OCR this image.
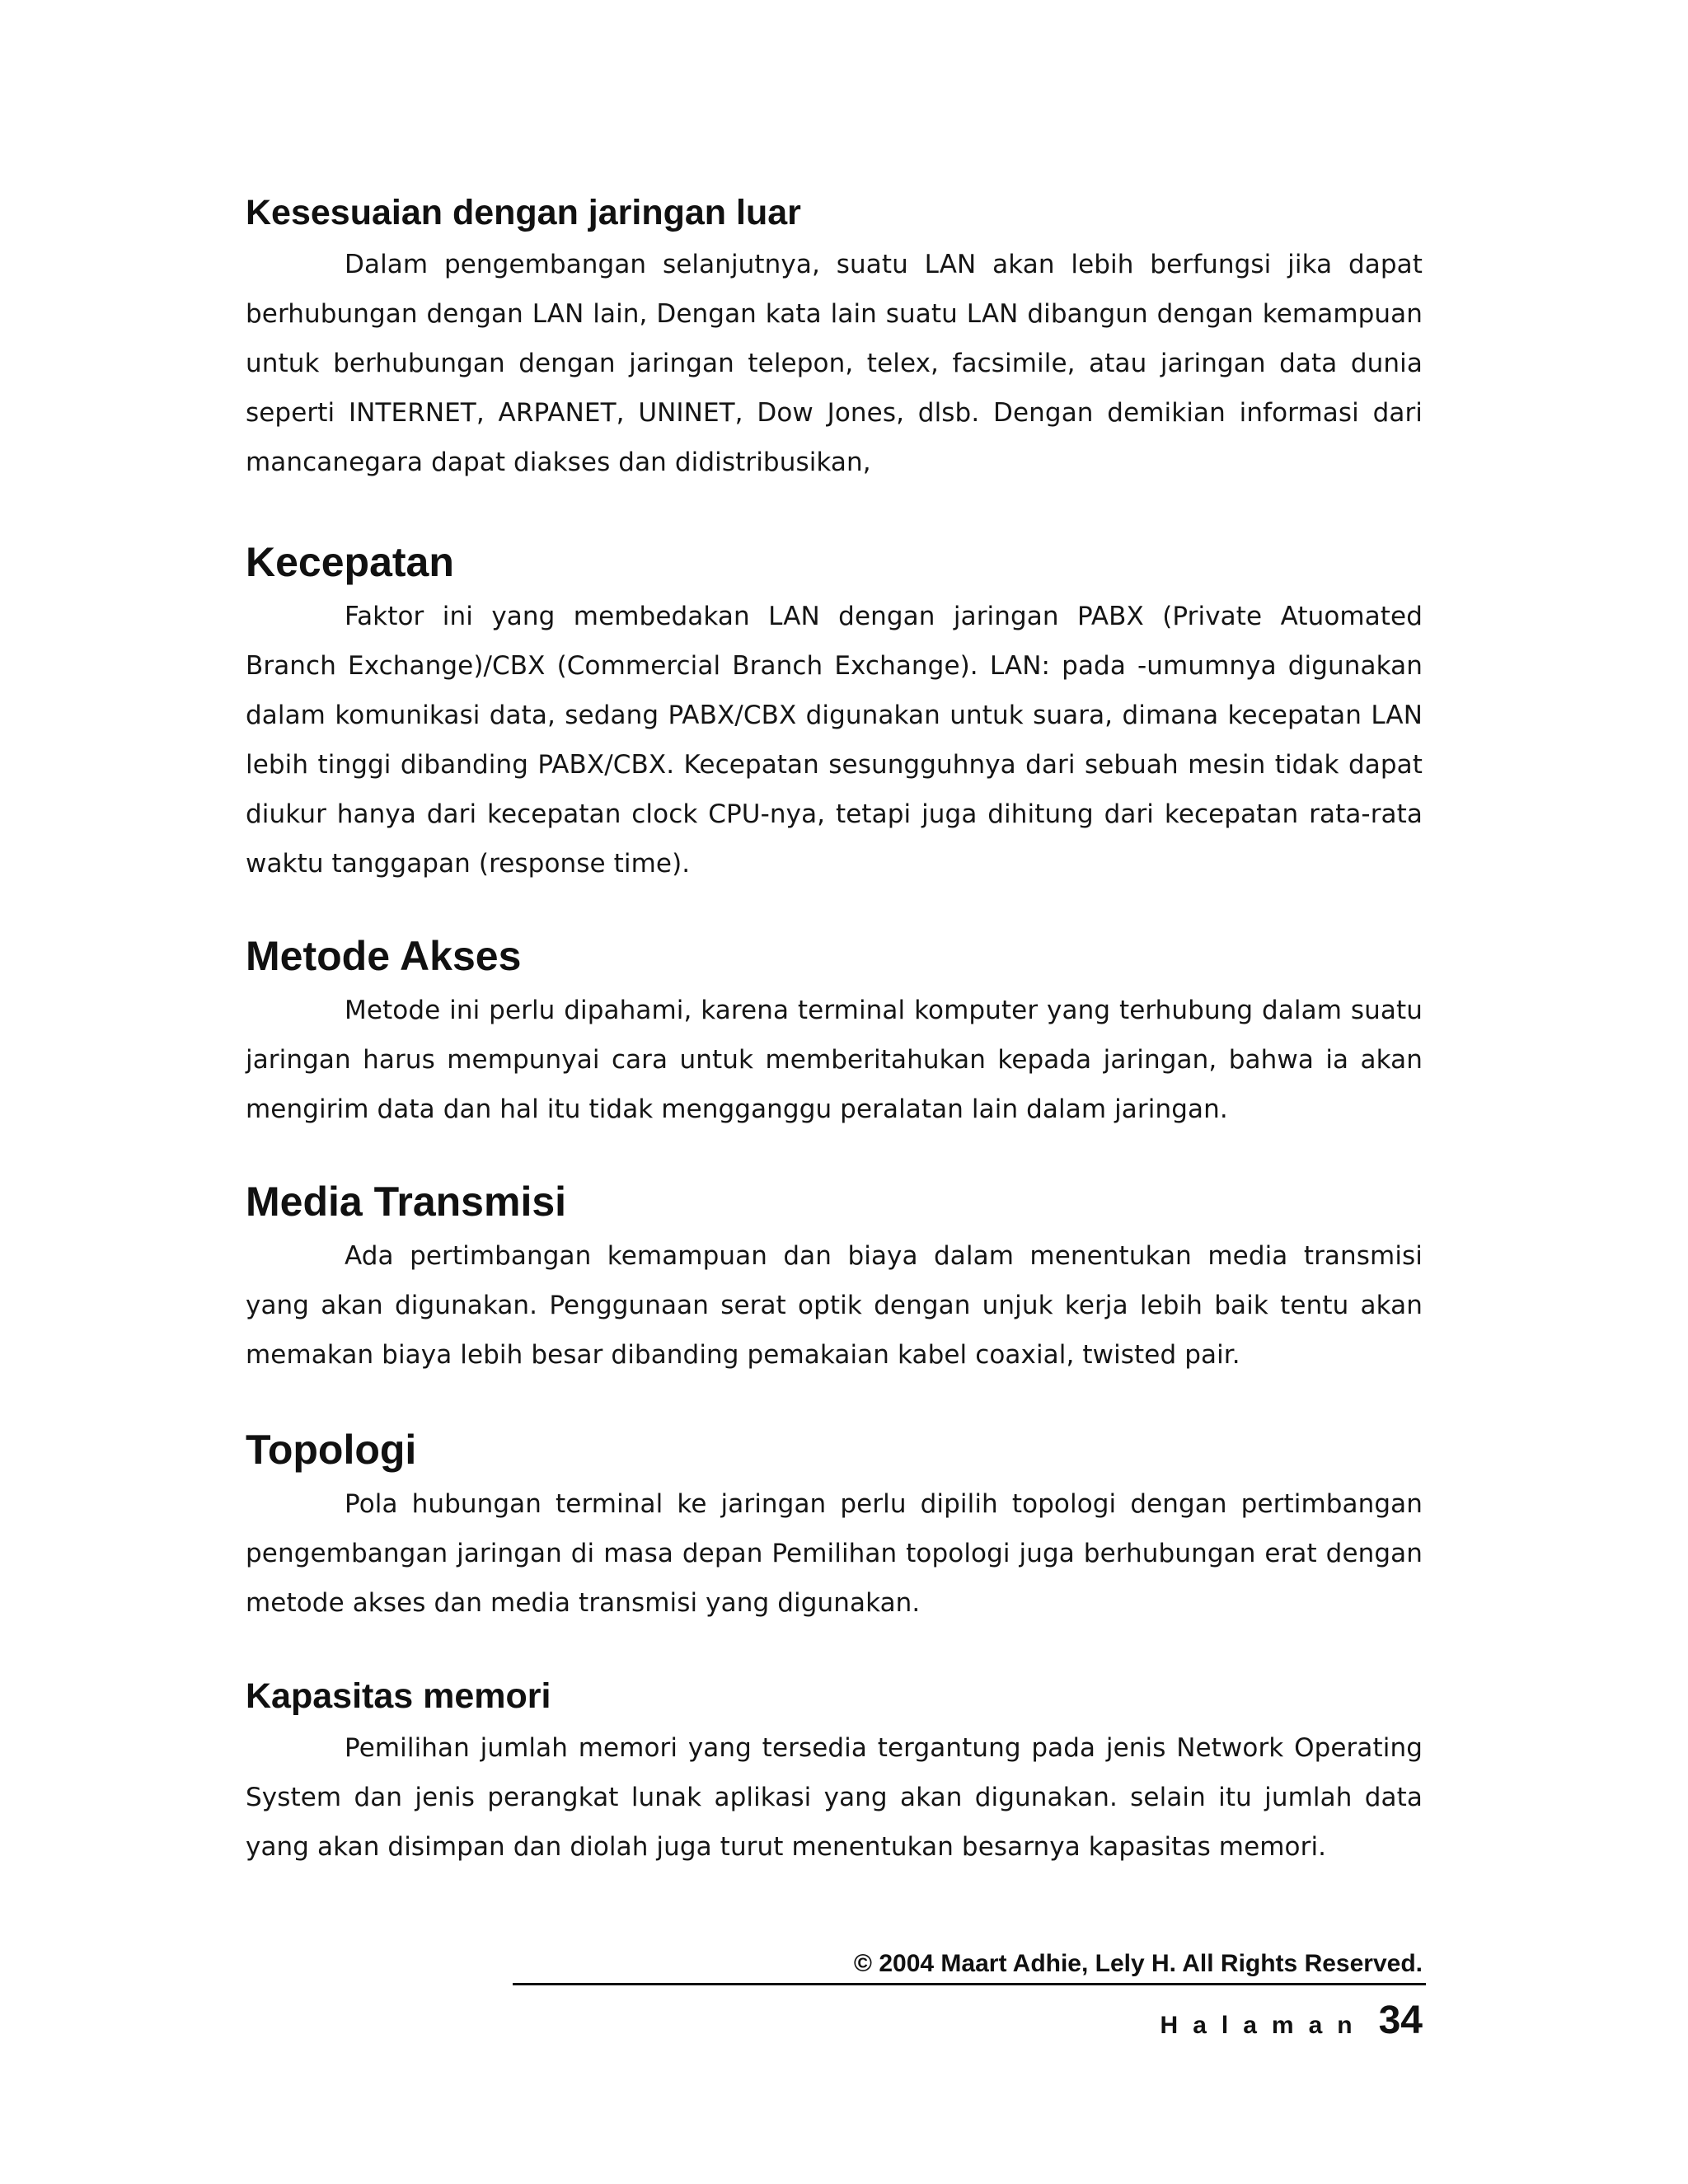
Kesesuaian dengan jaringan luar

Dalam pengembangan selanjutnya, suatu LAN akan lebih berfungsi jika dapat berhubungan dengan LAN lain, Dengan kata lain suatu LAN dibangun dengan kemampuan untuk berhubungan dengan jaringan telepon, telex, facsimile, atau jaringan data dunia seperti INTERNET, ARPANET, UNINET, Dow Jones, dlsb. Dengan demikian informasi dari mancanegara dapat diakses dan didistribusikan,

Kecepatan

Faktor ini yang membedakan LAN dengan jaringan PABX (Private Atuomated Branch Exchange)/CBX (Commercial Branch Exchange). LAN: pada -umumnya digunakan dalam komunikasi data, sedang PABX/CBX digunakan untuk suara, dimana kecepatan LAN lebih tinggi dibanding PABX/CBX. Kecepatan sesungguhnya dari sebuah mesin tidak dapat diukur hanya dari kecepatan clock CPU-nya, tetapi juga dihitung dari kecepatan rata-rata waktu tanggapan (response time).

Metode Akses

Metode ini perlu dipahami, karena terminal komputer yang terhubung dalam suatu jaringan harus mempunyai cara untuk memberitahukan kepada jaringan, bahwa ia akan mengirim data dan hal itu tidak mengganggu peralatan lain dalam jaringan.

Media Transmisi

Ada pertimbangan kemampuan dan biaya dalam menentukan media transmisi yang akan digunakan. Penggunaan serat optik dengan unjuk kerja lebih baik tentu akan memakan biaya lebih besar dibanding pemakaian kabel coaxial, twisted pair.

Topologi

Pola hubungan terminal ke jaringan perlu dipilih topologi dengan pertimbangan pengembangan jaringan di masa depan Pemilihan topologi juga berhubungan erat dengan metode akses dan media transmisi yang digunakan.

Kapasitas memori

Pemilihan jumlah memori yang tersedia tergantung pada jenis Network Operating System dan jenis perangkat lunak aplikasi yang akan digunakan. selain itu jumlah data yang akan disimpan dan diolah juga turut menentukan besarnya kapasitas memori.

© 2004 Maart Adhie, Lely H. All Rights Reserved.
Halaman 34
